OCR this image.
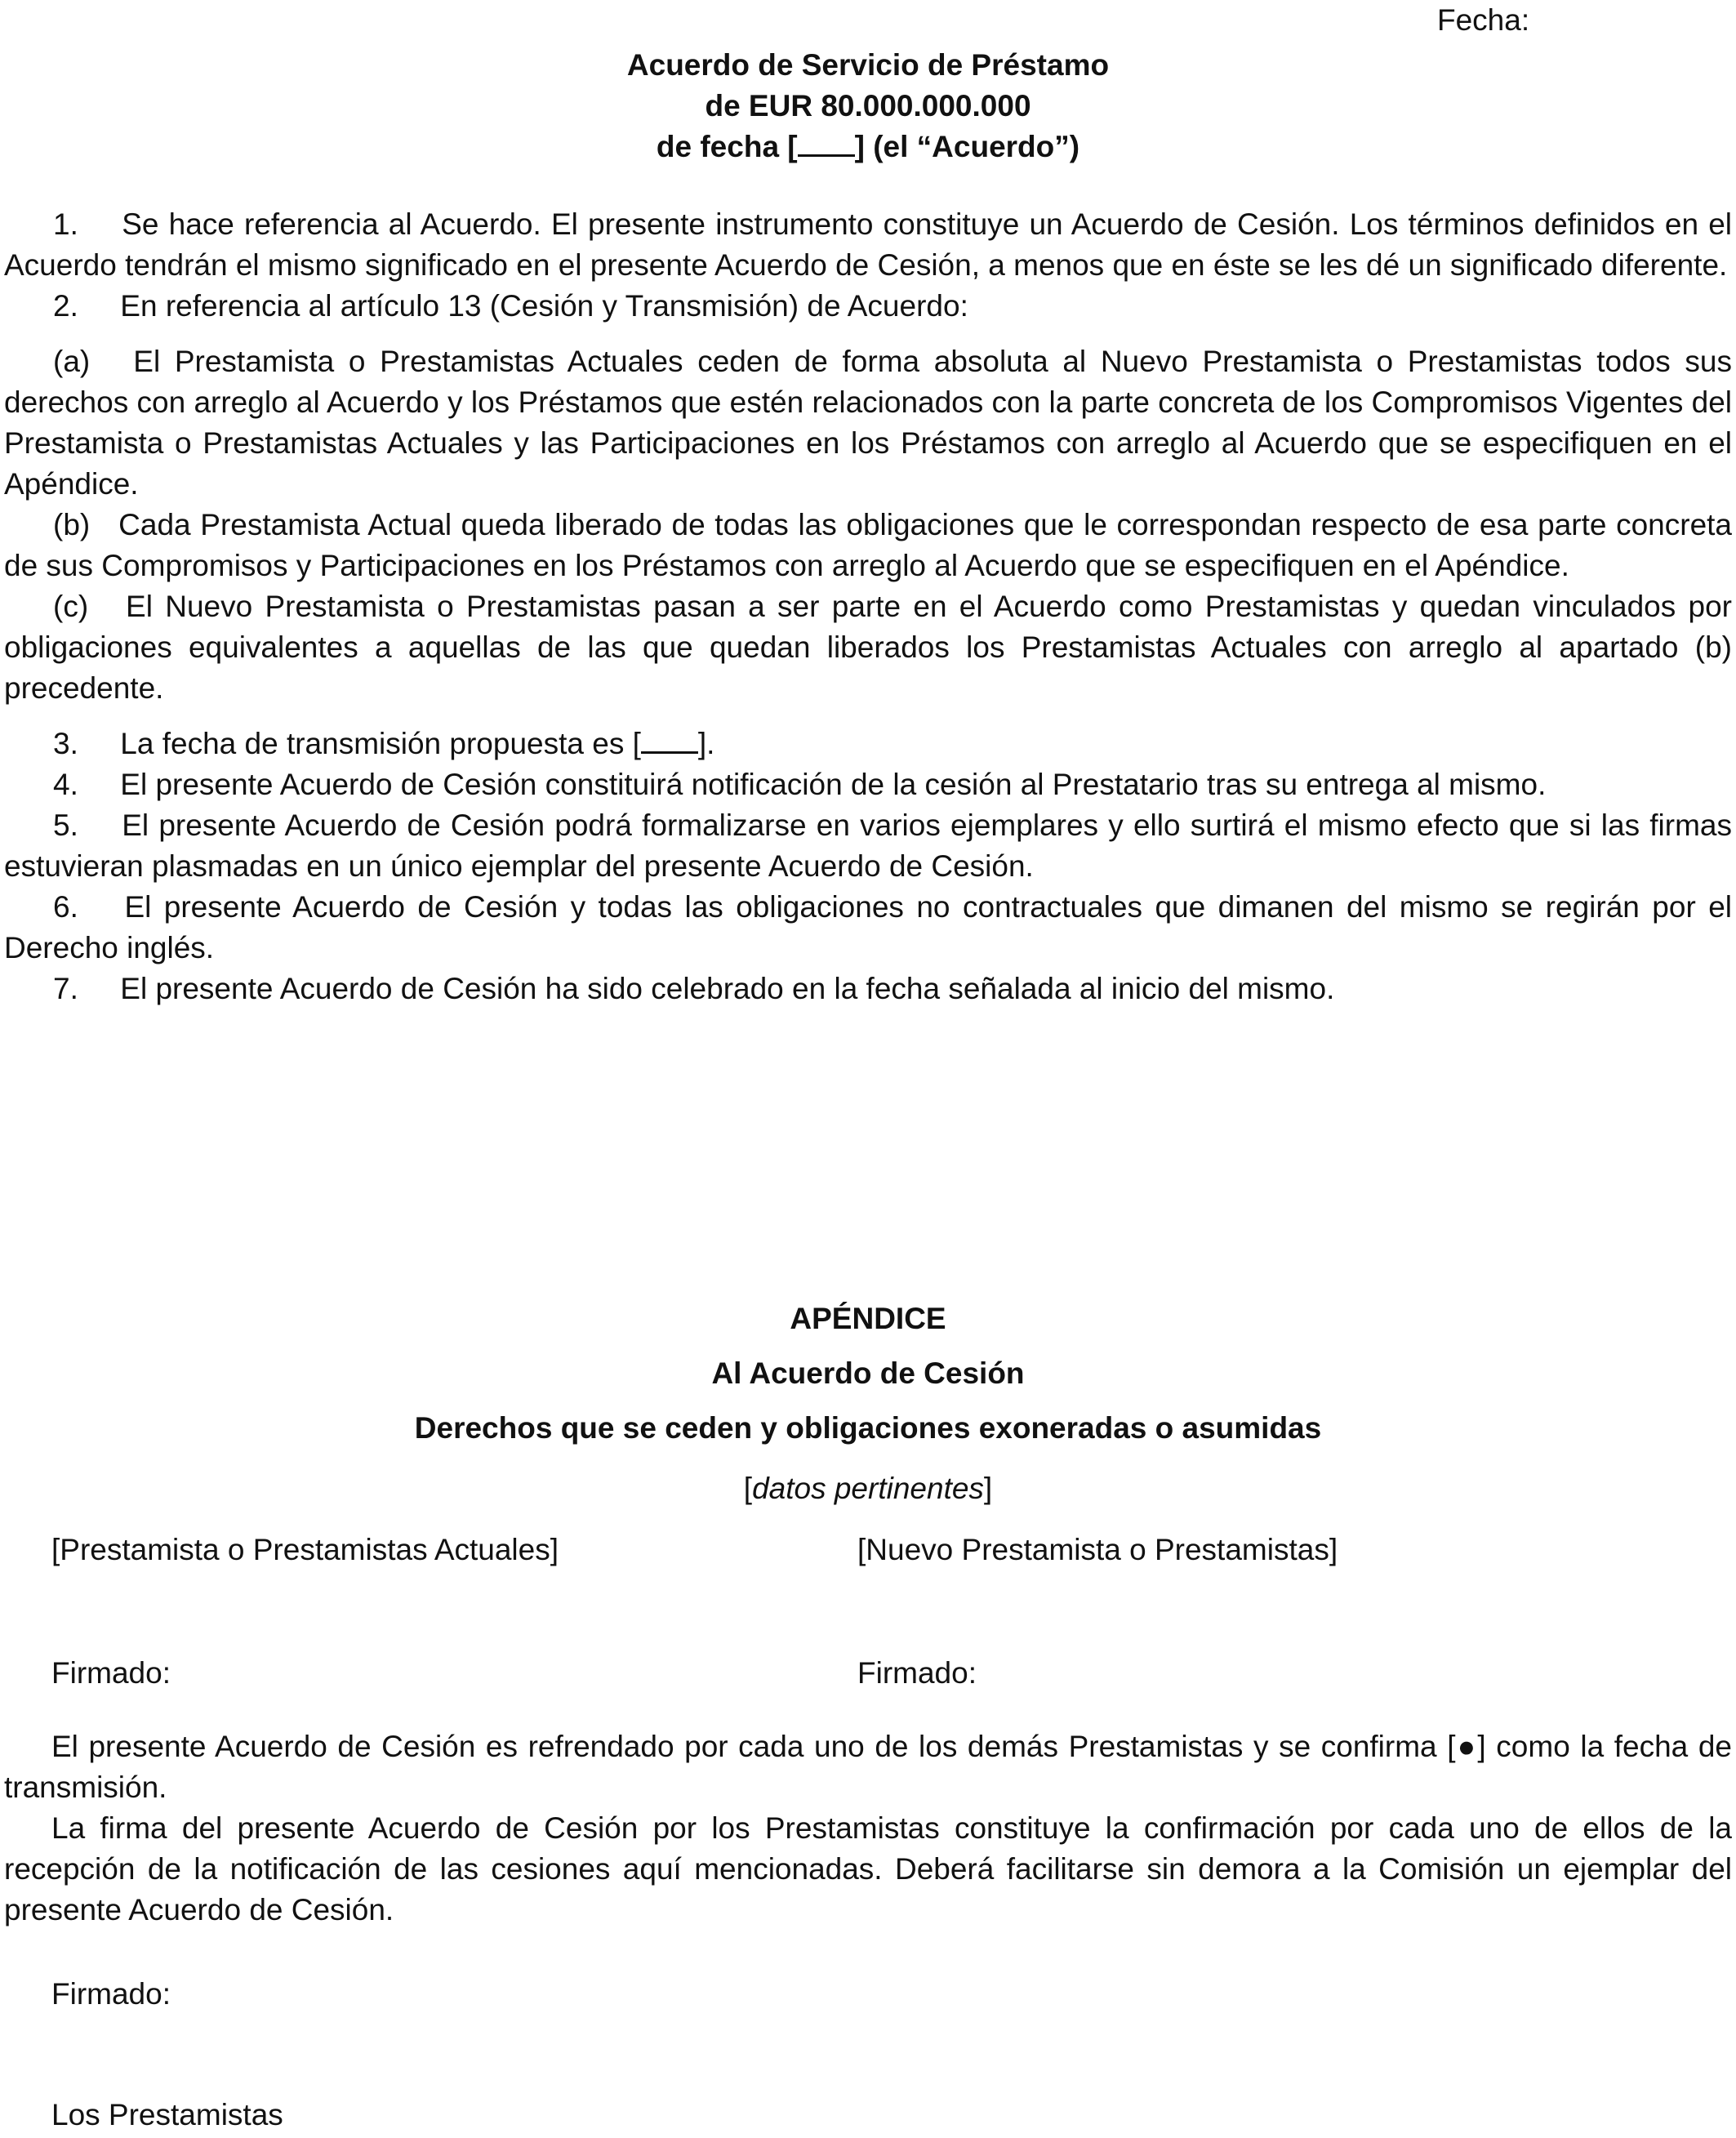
Fecha:
Acuerdo de Servicio de Préstamo
de EUR 80.000.000.000
de fecha [ ] (el “Acuerdo”)

1. Se hace referencia al Acuerdo. El presente instrumento constituye un Acuerdo de Cesión. Los términos definidos en el Acuerdo tendrán el mismo significado en el presente Acuerdo de Cesión, a menos que en éste se les dé un significado diferente.

2. En referencia al artículo 13 (Cesión y Transmisión) de Acuerdo:

(a) El Prestamista o Prestamistas Actuales ceden de forma absoluta al Nuevo Prestamista o Prestamistas todos sus derechos con arreglo al Acuerdo y los Préstamos que estén relacionados con la parte concreta de los Compromisos Vigentes del Prestamista o Prestamistas Actuales y las Participaciones en los Préstamos con arreglo al Acuerdo que se especifiquen en el Apéndice.

(b) Cada Prestamista Actual queda liberado de todas las obligaciones que le correspondan respecto de esa parte concreta de sus Compromisos y Participaciones en los Préstamos con arreglo al Acuerdo que se especifiquen en el Apéndice.

(c) El Nuevo Prestamista o Prestamistas pasan a ser parte en el Acuerdo como Prestamistas y quedan vinculados por obligaciones equivalentes a aquellas de las que quedan liberados los Prestamistas Actuales con arreglo al apartado (b) precedente.

3. La fecha de transmisión propuesta es [ ].

4. El presente Acuerdo de Cesión constituirá notificación de la cesión al Prestatario tras su entrega al mismo.

5. El presente Acuerdo de Cesión podrá formalizarse en varios ejemplares y ello surtirá el mismo efecto que si las firmas estuvieran plasmadas en un único ejemplar del presente Acuerdo de Cesión.

6. El presente Acuerdo de Cesión y todas las obligaciones no contractuales que dimanen del mismo se regirán por el Derecho inglés.

7. El presente Acuerdo de Cesión ha sido celebrado en la fecha señalada al inicio del mismo.

APÉNDICE
Al Acuerdo de Cesión
Derechos que se ceden y obligaciones exoneradas o asumidas
[datos pertinentes]
[Prestamista o Prestamistas Actuales]	[Nuevo Prestamista o Prestamistas]
Firmado:	Firmado:

El presente Acuerdo de Cesión es refrendado por cada uno de los demás Prestamistas y se confirma [●] como la fecha de transmisión.

La firma del presente Acuerdo de Cesión por los Prestamistas constituye la confirmación por cada uno de ellos de la recepción de la notificación de las cesiones aquí mencionadas. Deberá facilitarse sin demora a la Comisión un ejemplar del presente Acuerdo de Cesión.

Firmado:
Los Prestamistas
